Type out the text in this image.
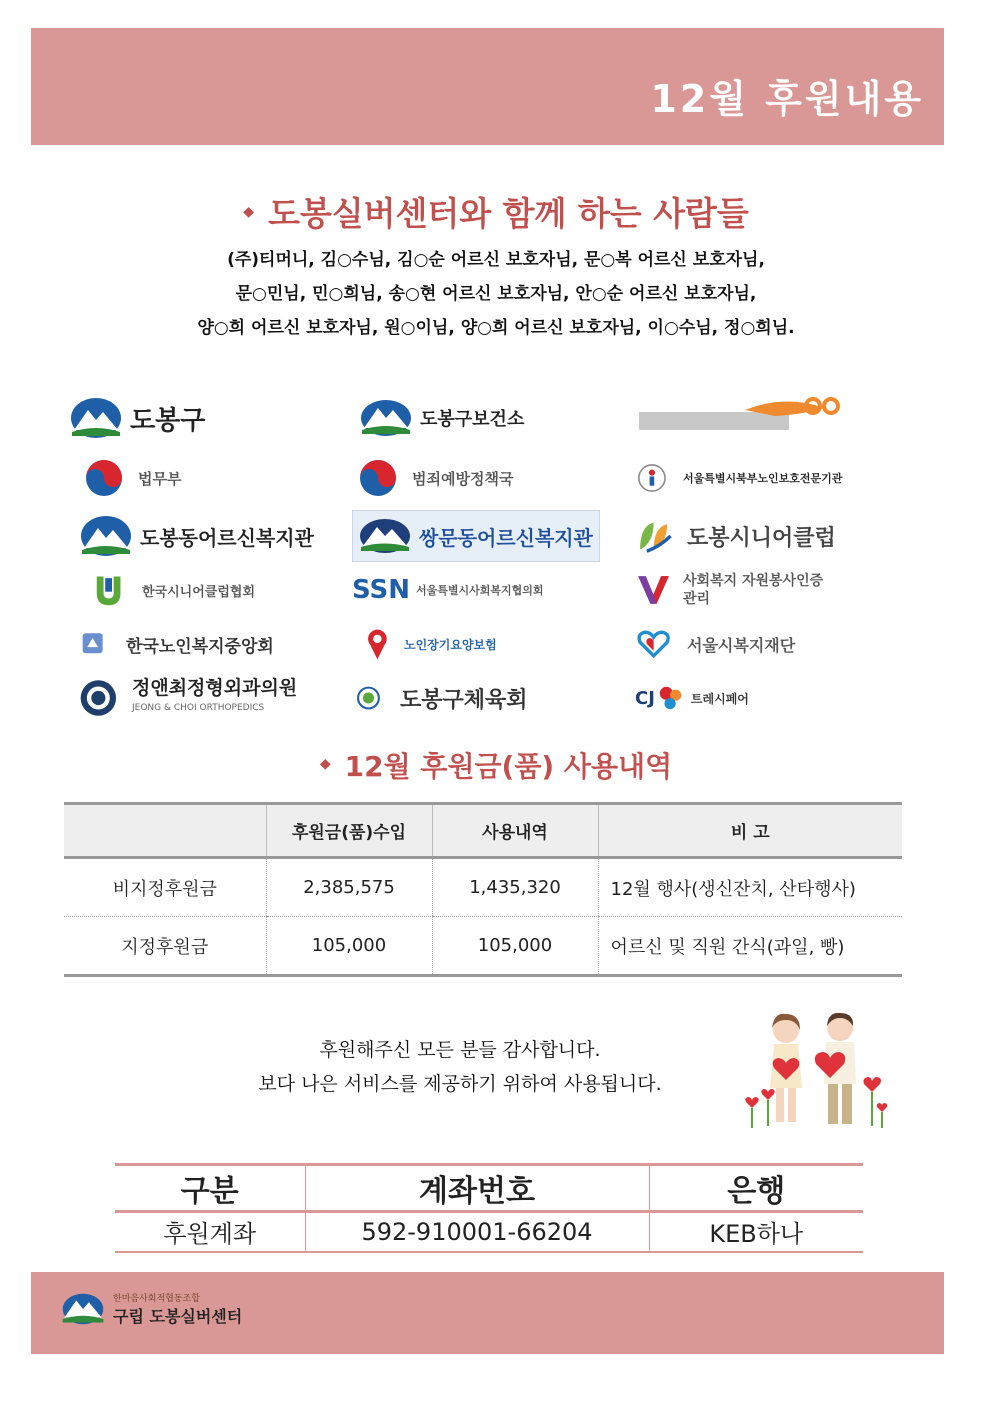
12월 후원내용
◆ 도봉실버센터와 함께 하는 사람들
(주)티머니, 김○수님, 김○순 어르신 보호자님, 문○복 어르신 보호자님,
문○민님, 민○희님, 송○현 어르신 보호자님, 안○순 어르신 보호자님,
양○희 어르신 보호자님, 원○이님, 양○희 어르신 보호자님, 이○수님, 정○희님.
도봉구	도봉구보건소
법무부	범죄예방정책국	서울특별시북부노인보호전문기관
도봉동어르신복지관	쌍문동어르신복지관	도봉시니어클럽
한국시니어클럽협회	SSN 서울특별시사회복지협의회
사회복지 자원봉사인증관리
한국노인복지중앙회	노인장기요양보험	서울시복지재단
정앤최정형외과의원
JEONG & CHOI ORTHOPEDICS	도봉구체육회	CJ	트레시페어
◆ 12월 후원금(품) 사용내역
	후원금(품)수입	사용내역	비 고
비지정후원금	2,385,575	1,435,320	12월 행사(생신잔치, 산타행사)
지정후원금	105,000	105,000	어르신 및 직원 간식(과일, 빵)
후원해주신 모든 분들 감사합니다.
보다 나은 서비스를 제공하기 위하여 사용됩니다.
구분	계좌번호	은행
후원계좌	592-910001-66204	KEB하나
한마음사회적협동조합
구립 도봉실버센터
